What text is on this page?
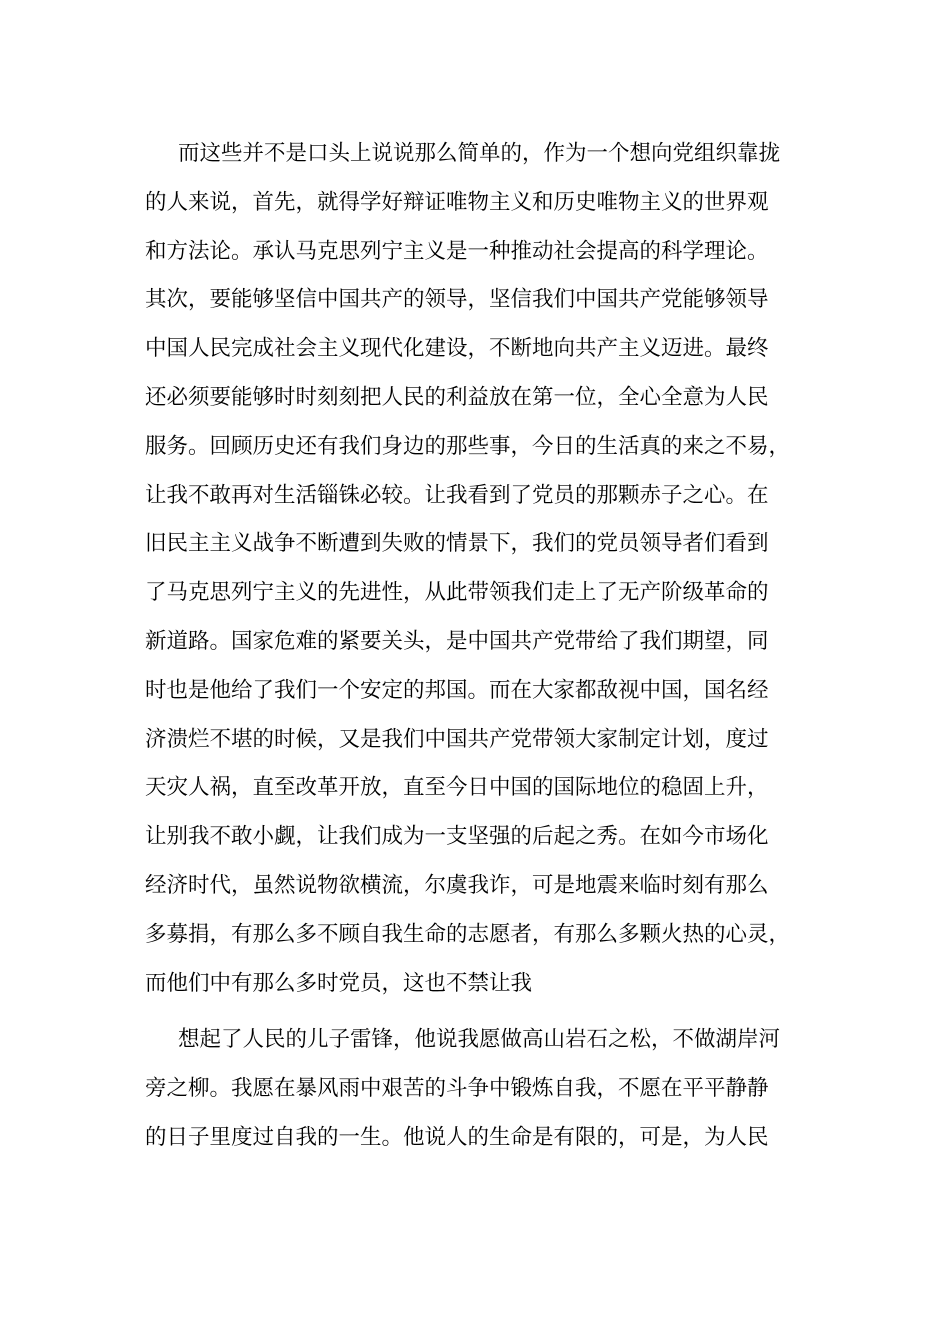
而这些并不是口头上说说那么简单的，作为一个想向党组织靠拢
的人来说，首先，就得学好辩证唯物主义和历史唯物主义的世界观
和方法论。承认马克思列宁主义是一种推动社会提高的科学理论。
其次，要能够坚信中国共产的领导，坚信我们中国共产党能够领导
中国人民完成社会主义现代化建设，不断地向共产主义迈进。最终
还必须要能够时时刻刻把人民的利益放在第一位，全心全意为人民
服务。回顾历史还有我们身边的那些事，今日的生活真的来之不易，
让我不敢再对生活锱铢必较。让我看到了党员的那颗赤子之心。在
旧民主主义战争不断遭到失败的情景下，我们的党员领导者们看到
了马克思列宁主义的先进性，从此带领我们走上了无产阶级革命的
新道路。国家危难的紧要关头，是中国共产党带给了我们期望，同
时也是他给了我们一个安定的邦国。而在大家都敌视中国，国名经
济溃烂不堪的时候，又是我们中国共产党带领大家制定计划，度过
天灾人祸，直至改革开放，直至今日中国的国际地位的稳固上升，
让别我不敢小觑，让我们成为一支坚强的后起之秀。在如今市场化
经济时代，虽然说物欲横流，尔虞我诈，可是地震来临时刻有那么
多募捐，有那么多不顾自我生命的志愿者，有那么多颗火热的心灵，
而他们中有那么多时党员，这也不禁让我
想起了人民的儿子雷锋，他说我愿做高山岩石之松，不做湖岸河
旁之柳。我愿在暴风雨中艰苦的斗争中锻炼自我，不愿在平平静静
的日子里度过自我的一生。他说人的生命是有限的，可是，为人民
